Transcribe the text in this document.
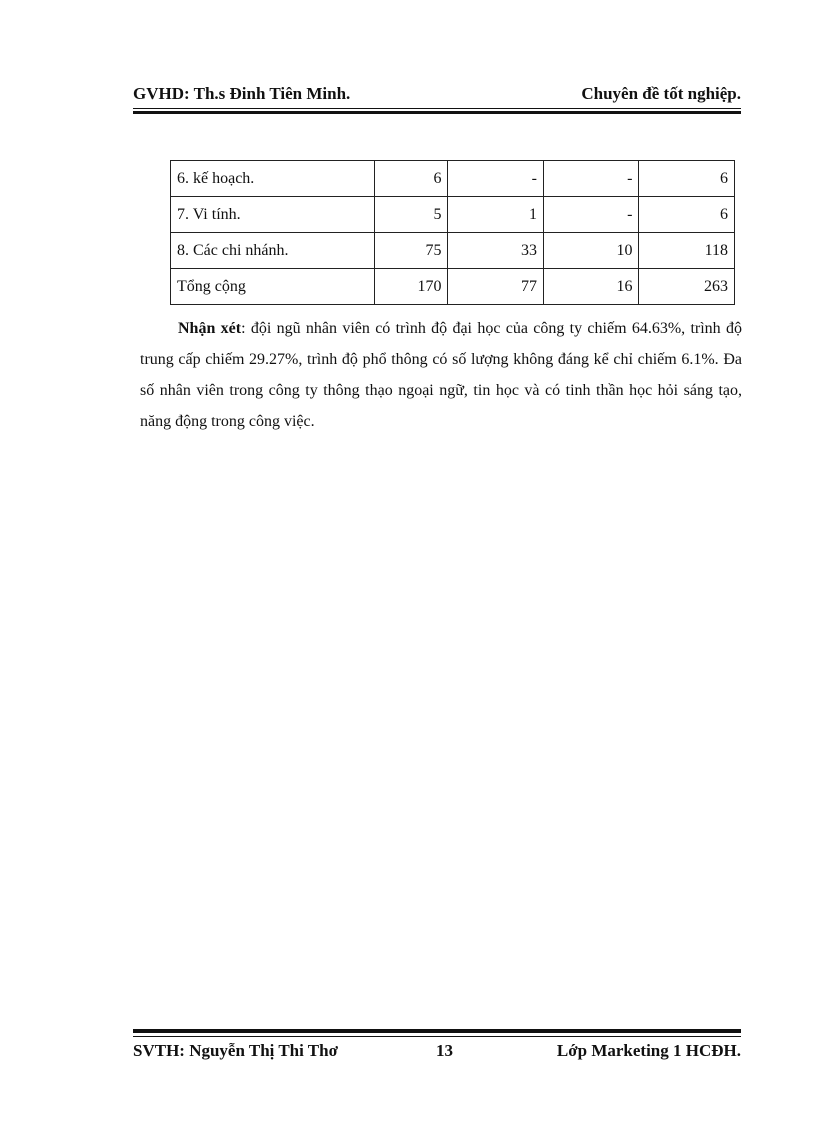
GVHD: Th.s Đinh Tiên Minh.	Chuyên đề tốt nghiệp.
6. kế hoạch.	6	-	-	6
7. Vi tính.	5	1	-	6
8. Các chi nhánh.	75	33	10	118
Tổng cộng	170	77	16	263
Nhận xét: đội ngũ nhân viên có trình độ đại học của công ty chiếm 64.63%, trình độ trung cấp chiếm 29.27%, trình độ phổ thông có số lượng không đáng kể chỉ chiếm 6.1%. Đa số nhân viên trong công ty thông thạo ngoại ngữ, tin học và có tinh thần học hỏi sáng tạo, năng động trong công việc.
SVTH: Nguyễn Thị Thi Thơ	13	Lớp Marketing 1 HCĐH.
